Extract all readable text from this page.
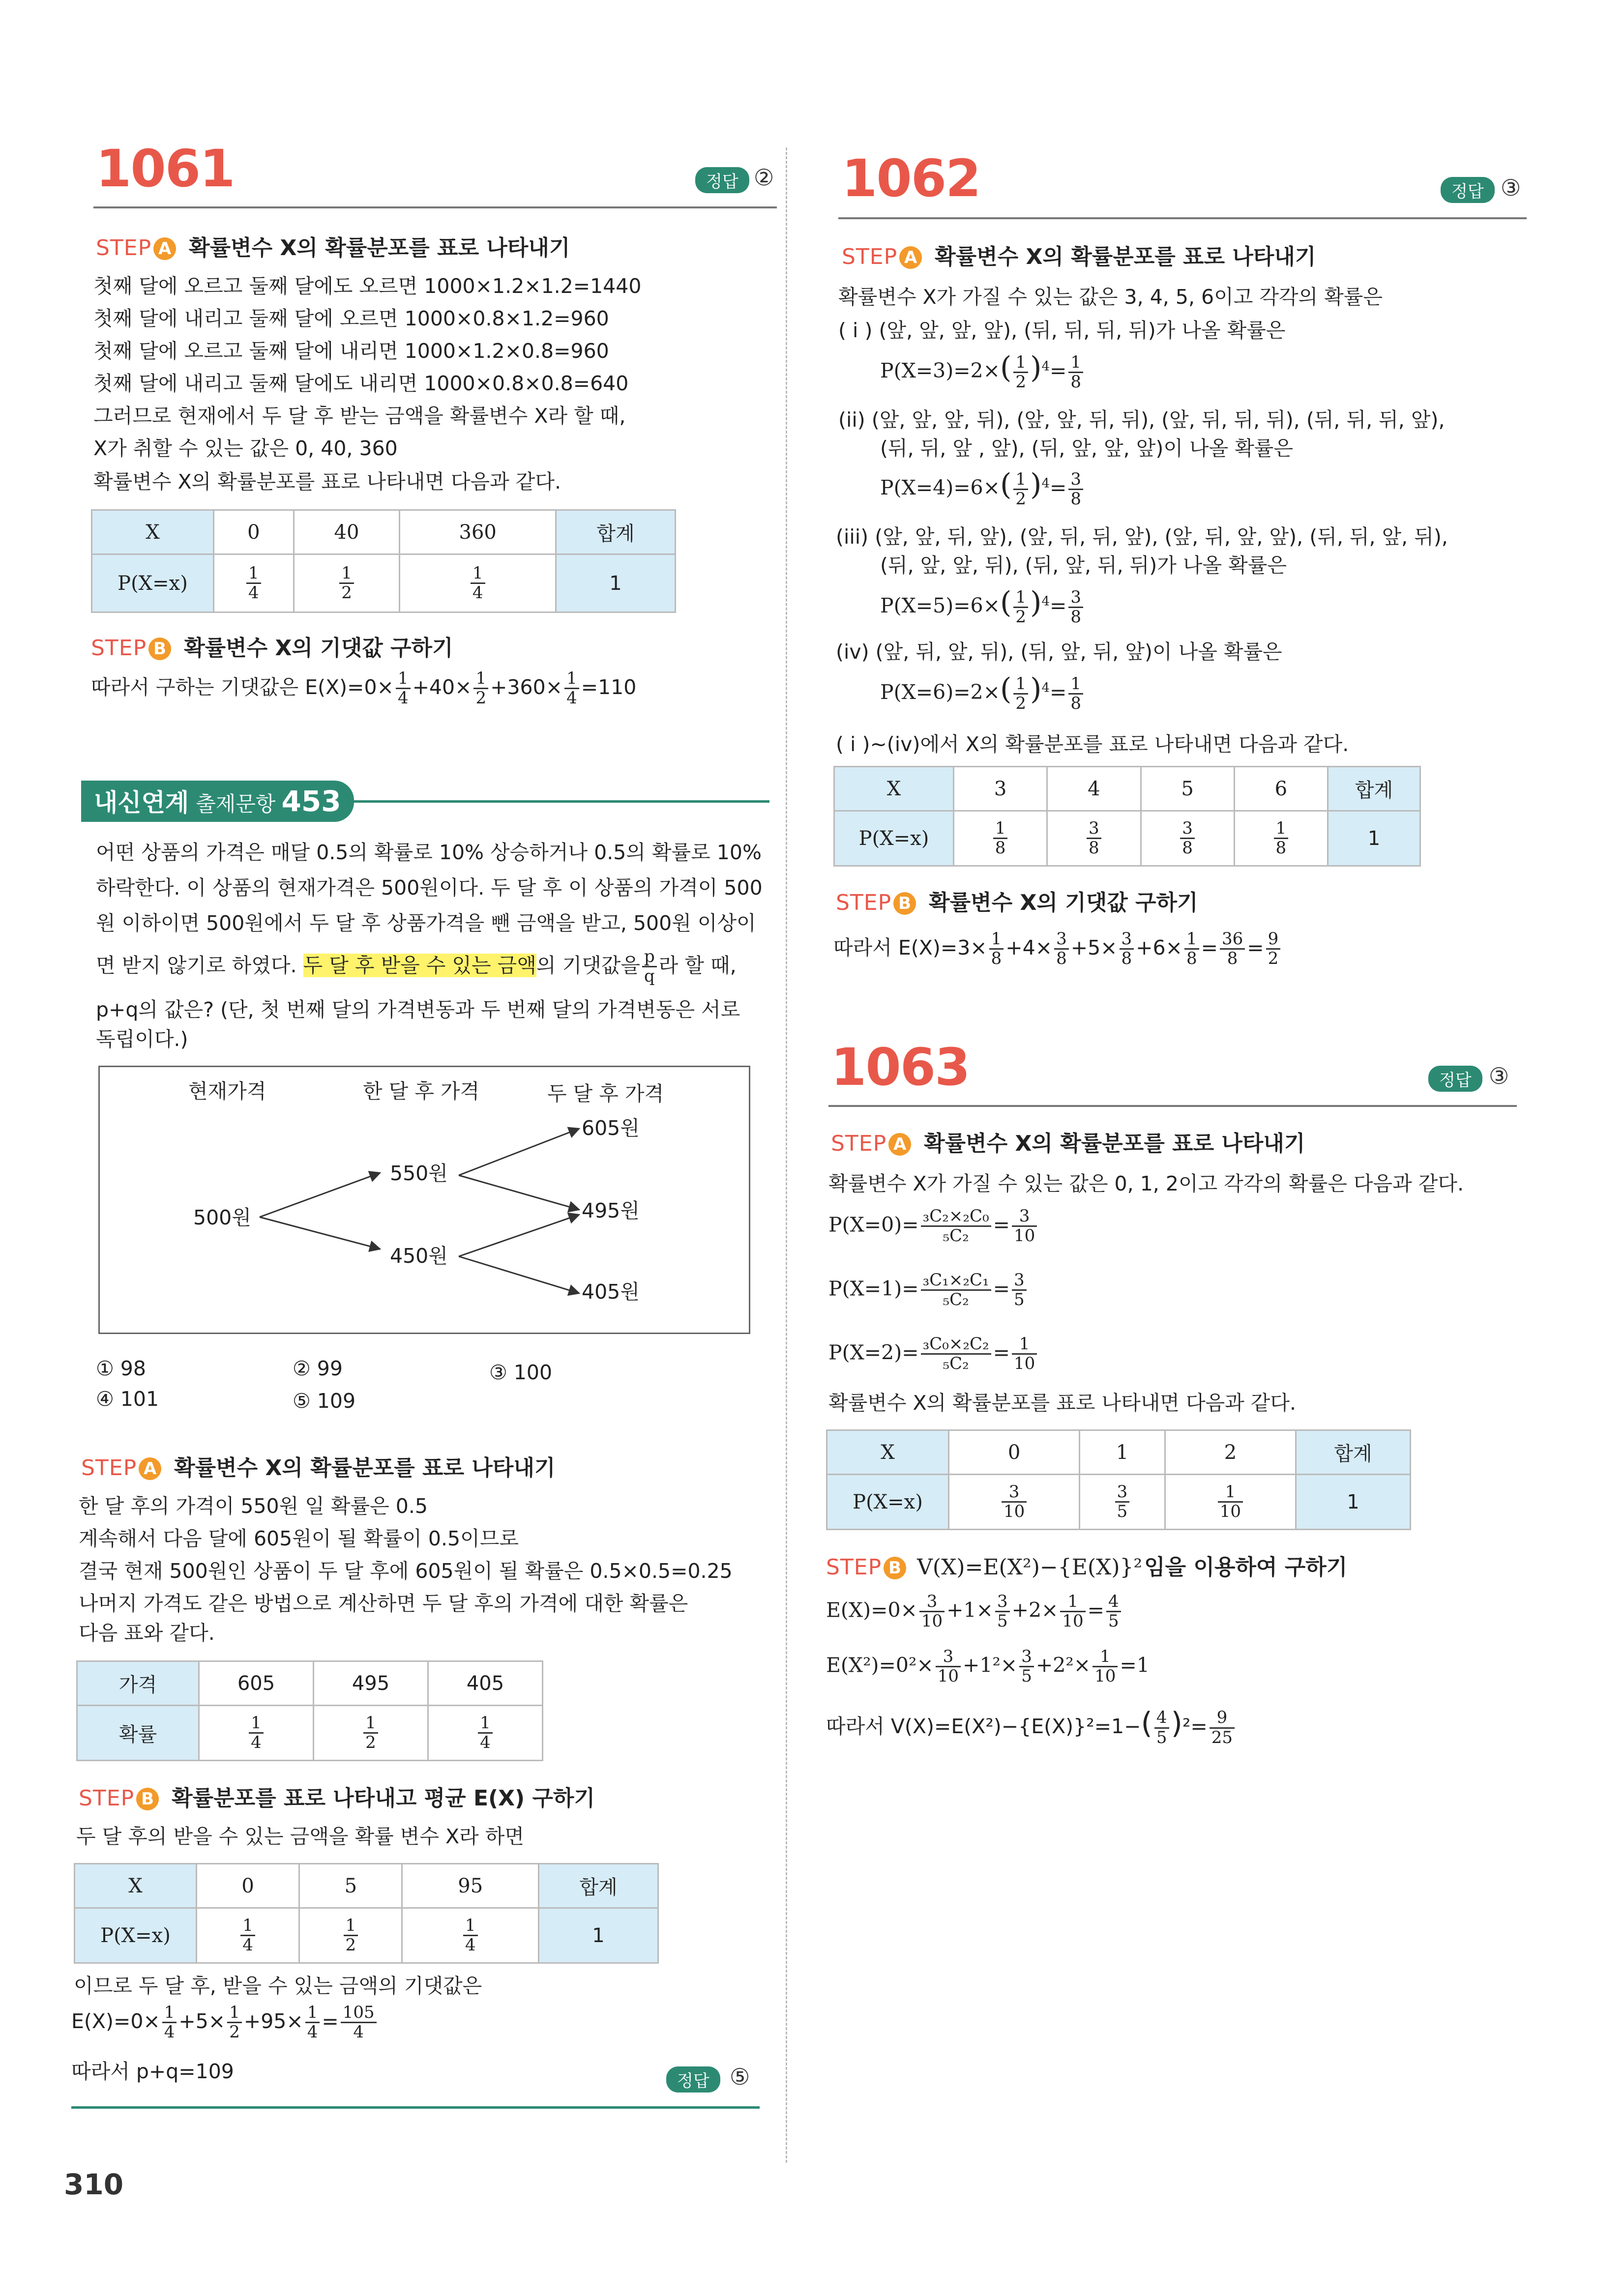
1061	정답 ②
STEP A 확률변수 X의 확률분포를 표로 나타내기
첫째 달에 오르고 둘째 달에도 오르면 1000×1.2×1.2=1440
첫째 달에 내리고 둘째 달에 오르면 1000×0.8×1.2=960
첫째 달에 오르고 둘째 달에 내리면 1000×1.2×0.8=960
첫째 달에 내리고 둘째 달에도 내리면 1000×0.8×0.8=640
그러므로 현재에서 두 달 후 받는 금액을 확률변수 X라 할 때,
X가 취할 수 있는 값은 0, 40, 360
확률변수 X의 확률분포를 표로 나타내면 다음과 같다.
X	0	40	360	합계
P(X=x)	$\frac{1}{4}$	$\frac{1}{2}$	$\frac{1}{4}$	1
STEP B 확률변수 X의 기댓값 구하기
따라서 구하는 기댓값은 $E(X)=0\times \frac{1}{4} +40\times \frac{1}{2} +360\times \frac{1}{4} =110$
내신연계 출제문항 453
어떤 상품의 가격은 매달 0.5의 확률로 10% 상승하거나 0.5의 확률로 10%
하락한다. 이 상품의 현재가격은 500원이다. 두 달 후 이 상품의 가격이 500
원 이하이면 500원에서 두 달 후 상품가격을 뺀 금액을 받고, 500원 이상이
면 받지 않기로 하였다. 두 달 후 받을 수 있는 금액의 기댓값을 $\frac{p}{q}$ 라 할 때,
p+q의 값은? (단, 첫 번째 달의 가격변동과 두 번째 달의 가격변동은 서로
독립이다.)
현재가격	한 달 후 가격	두 달 후 가격
500원
550원
450원
605원
495원
405원
① 98	② 99	③ 100
④ 101	⑤ 109
STEP A 확률변수 X의 확률분포를 표로 나타내기
한 달 후의 가격이 550원 일 확률은 0.5
계속해서 다음 달에 605원이 될 확률이 0.5이므로
결국 현재 500원인 상품이 두 달 후에 605원이 될 확률은 0.5×0.5=0.25
나머지 가격도 같은 방법으로 계산하면 두 달 후의 가격에 대한 확률은
다음 표와 같다.
가격	605	495	405
확률	$\frac{1}{4}$	$\frac{1}{2}$	$\frac{1}{4}$
STEP B 확률분포를 표로 나타내고 평균 E(X) 구하기
두 달 후의 받을 수 있는 금액을 확률 변수 X라 하면
X	0	5	95	합계
P(X=x)	$\frac{1}{4}$	$\frac{1}{2}$	$\frac{1}{4}$	1
이므로 두 달 후, 받을 수 있는 금액의 기댓값은
$E(X)=0\times \frac{1}{4} +5\times \frac{1}{2} +95\times \frac{1}{4} = \frac{105}{4}$
따라서 p+q=109	정답 ⑤
1062	정답 ③
STEP A 확률변수 X의 확률분포를 표로 나타내기
확률변수 X가 가질 수 있는 값은 3, 4, 5, 6이고 각각의 확률은
( i ) (앞, 앞, 앞, 앞), (뒤, 뒤, 뒤, 뒤)가 나올 확률은
$P(X=3)=2\times( \frac{1}{2} )^4= \frac{1}{8}$
(ii) (앞, 앞, 앞, 뒤), (앞, 앞, 뒤, 뒤), (앞, 뒤, 뒤, 뒤), (뒤, 뒤, 뒤, 앞),
(뒤, 뒤, 앞 , 앞), (뒤, 앞, 앞, 앞)이 나올 확률은
$P(X=4)=6\times( \frac{1}{2} )^4= \frac{3}{8}$
(iii) (앞, 앞, 뒤, 앞), (앞, 뒤, 뒤, 앞), (앞, 뒤, 앞, 앞), (뒤, 뒤, 앞, 뒤),
(뒤, 앞, 앞, 뒤), (뒤, 앞, 뒤, 뒤)가 나올 확률은
$P(X=5)=6\times( \frac{1}{2} )^4= \frac{3}{8}$
(iv) (앞, 뒤, 앞, 뒤), (뒤, 앞, 뒤, 앞)이 나올 확률은
$P(X=6)=2\times( \frac{1}{2} )^4= \frac{1}{8}$
( i )~(iv)에서 X의 확률분포를 표로 나타내면 다음과 같다.
X	3	4	5	6	합계
P(X=x)	$\frac{1}{8}$	$\frac{3}{8}$	$\frac{3}{8}$	$\frac{1}{8}$	1
STEP B 확률변수 X의 기댓값 구하기
따라서 $E(X)=3\times \frac{1}{8} +4\times \frac{3}{8} +5\times \frac{3}{8} +6\times \frac{1}{8} = \frac{36}{8} = \frac{9}{2}$
1063	정답 ③
STEP A 확률변수 X의 확률분포를 표로 나타내기
확률변수 X가 가질 수 있는 값은 0, 1, 2이고 각각의 확률은 다음과 같다.
$P(X=0)= \frac{\text{₃C₂×₂C₀}}{\text{₅C₂}} = \frac{3}{10}$
$P(X=1)= \frac{\text{₃C₁×₂C₁}}{\text{₅C₂}} = \frac{3}{5}$
$P(X=2)= \frac{\text{₃C₀×₂C₂}}{\text{₅C₂}} = \frac{1}{10}$
확률변수 X의 확률분포를 표로 나타내면 다음과 같다.
X	0	1	2	합계
P(X=x)	$\frac{3}{10}$	$\frac{3}{5}$	$\frac{1}{10}$	1
STEP B V(X)=E(X²)−{E(X)}²임을 이용하여 구하기
$E(X)=0\times \frac{3}{10} +1\times \frac{3}{5} +2\times \frac{1}{10} = \frac{4}{5}$
$E(X^2)=0^2\times \frac{3}{10} +1^2\times \frac{3}{5} +2^2\times \frac{1}{10} =1$
따라서 $V(X)=E(X^2)-\{E(X)\}^2=1-( \frac{4}{5} )^2= \frac{9}{25}$
310
